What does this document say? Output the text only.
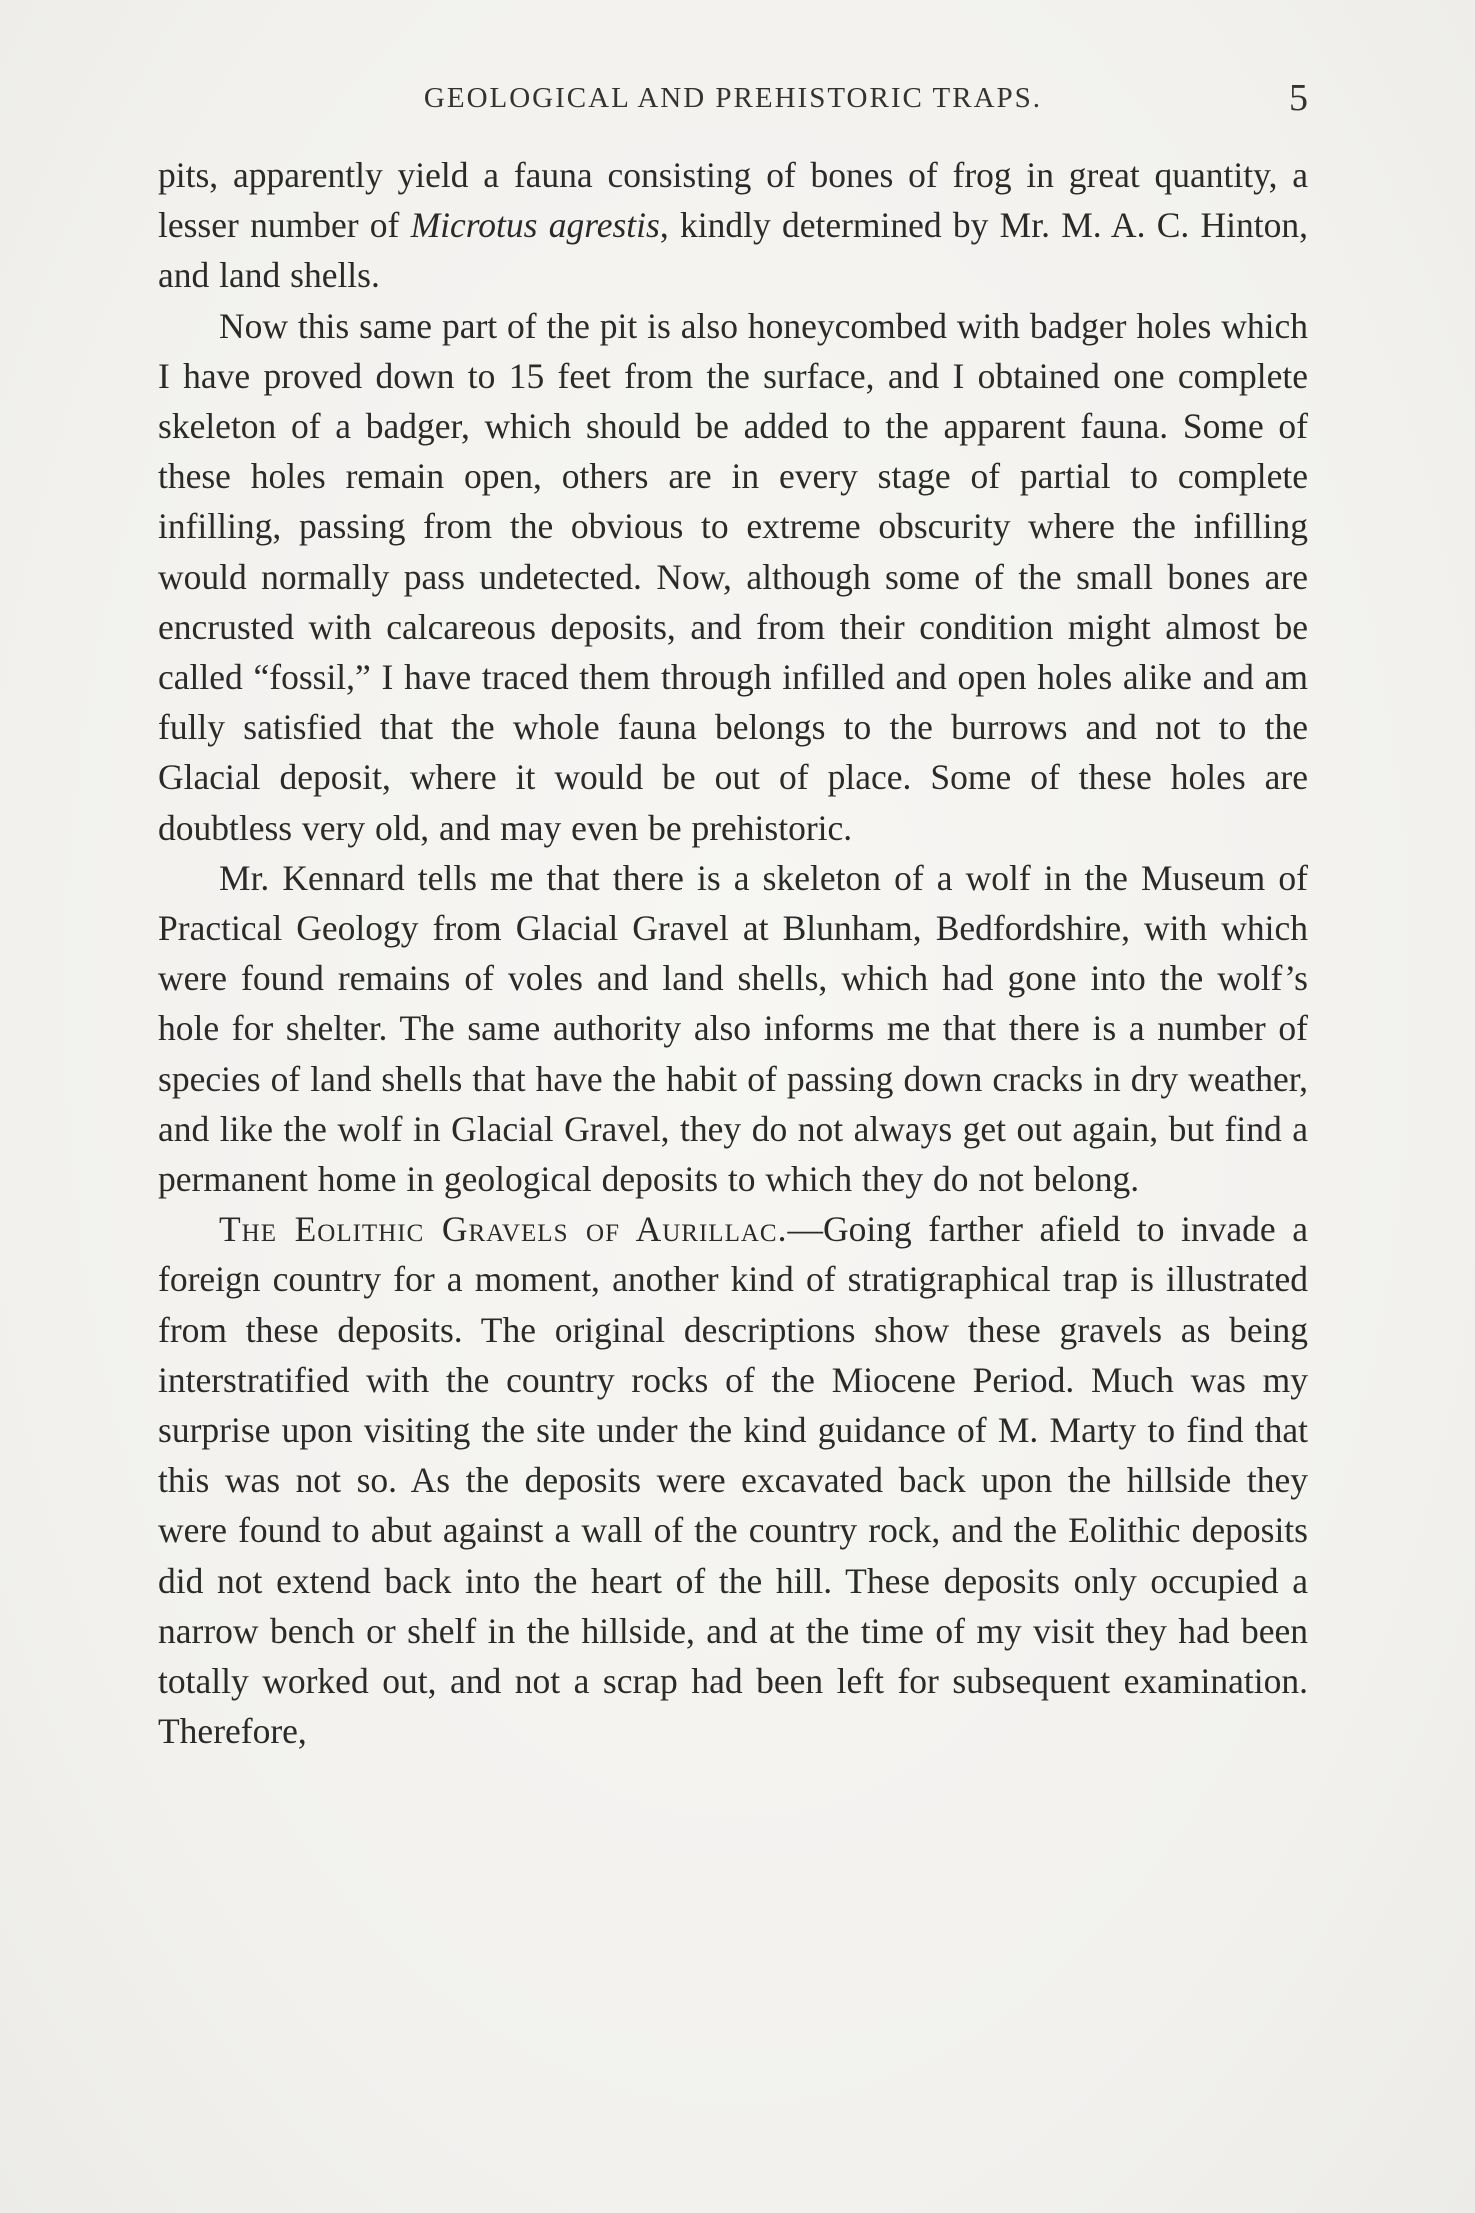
GEOLOGICAL AND PREHISTORIC TRAPS.	5

pits, apparently yield a fauna consisting of bones of frog in great quantity, a lesser number of Microtus agrestis, kindly determined by Mr. M. A. C. Hinton, and land shells.

Now this same part of the pit is also honeycombed with badger holes which I have proved down to 15 feet from the surface, and I obtained one complete skeleton of a badger, which should be added to the apparent fauna. Some of these holes remain open, others are in every stage of partial to complete infilling, passing from the obvious to extreme obscurity where the infilling would normally pass undetected. Now, although some of the small bones are encrusted with calcareous deposits, and from their condition might almost be called “fossil,” I have traced them through infilled and open holes alike and am fully satisfied that the whole fauna belongs to the burrows and not to the Glacial deposit, where it would be out of place. Some of these holes are doubtless very old, and may even be prehistoric.

Mr. Kennard tells me that there is a skeleton of a wolf in the Museum of Practical Geology from Glacial Gravel at Blunham, Bedfordshire, with which were found remains of voles and land shells, which had gone into the wolf’s hole for shelter. The same authority also informs me that there is a number of species of land shells that have the habit of passing down cracks in dry weather, and like the wolf in Glacial Gravel, they do not always get out again, but find a permanent home in geological deposits to which they do not belong.

The Eolithic Gravels of Aurillac.—Going farther afield to invade a foreign country for a moment, another kind of stratigraphical trap is illustrated from these deposits. The original descriptions show these gravels as being interstratified with the country rocks of the Miocene Period. Much was my surprise upon visiting the site under the kind guidance of M. Marty to find that this was not so. As the deposits were excavated back upon the hillside they were found to abut against a wall of the country rock, and the Eolithic deposits did not extend back into the heart of the hill. These deposits only occupied a narrow bench or shelf in the hillside, and at the time of my visit they had been totally worked out, and not a scrap had been left for subsequent examination. Therefore,
